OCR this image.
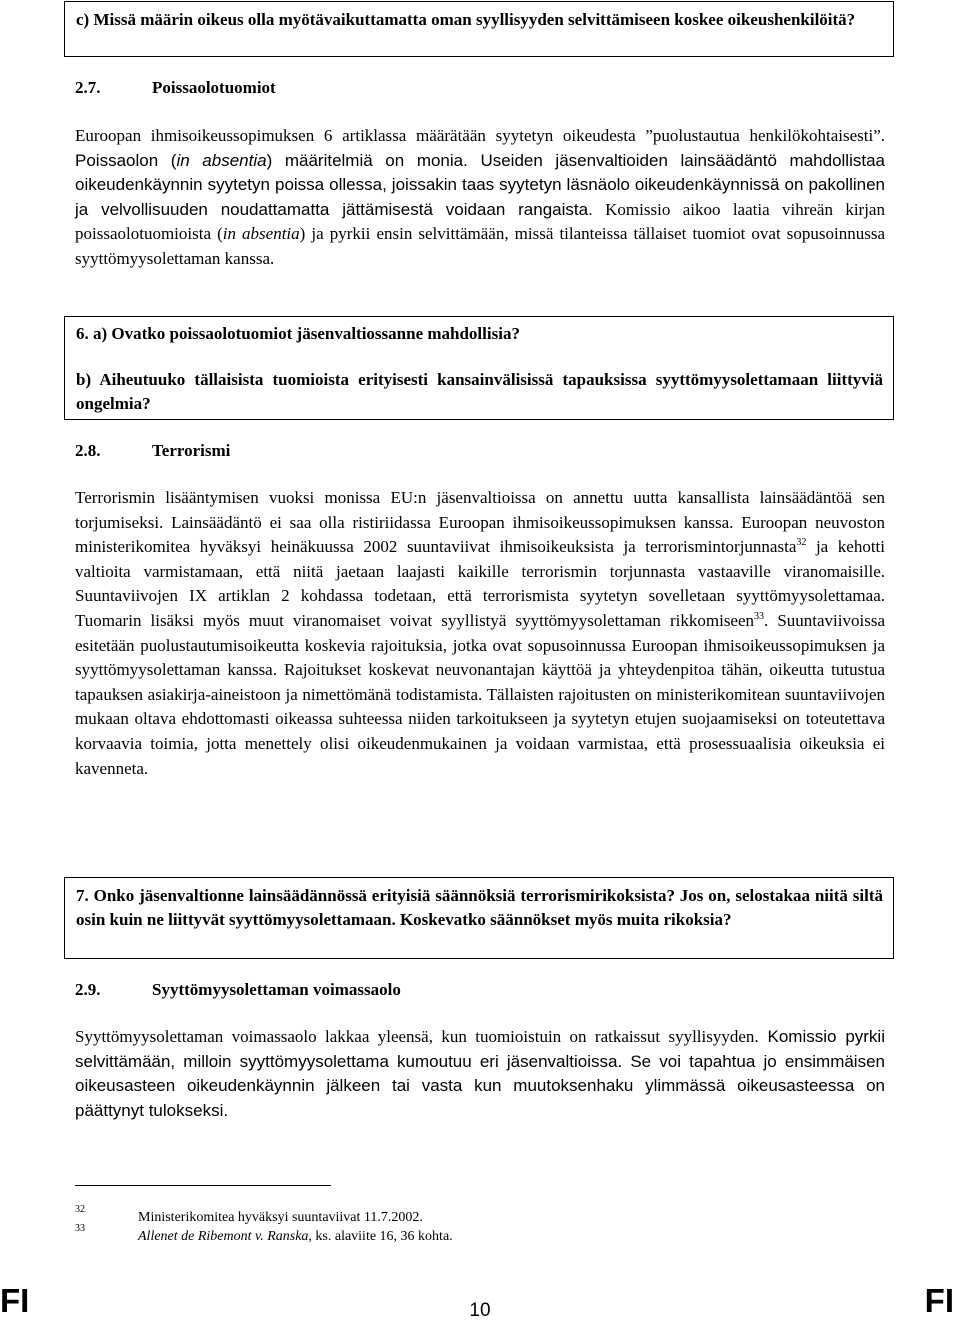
c) Missä määrin oikeus olla myötävaikuttamatta oman syyllisyyden selvittämiseen koskee oikeushenkilöitä?
2.7.	Poissaolotuomiot
Euroopan ihmisoikeussopimuksen 6 artiklassa määrätään syytetyn oikeudesta ”puolustautua henkilökohtaisesti”. Poissaolon (in absentia) määritelmiä on monia. Useiden jäsenvaltioiden lainsäädäntö mahdollistaa oikeudenkäynnin syytetyn poissa ollessa, joissakin taas syytetyn läsnäolo oikeudenkäynnissä on pakollinen ja velvollisuuden noudattamatta jättämisestä voidaan rangaista. Komissio aikoo laatia vihreän kirjan poissaolotuomioista (in absentia) ja pyrkii ensin selvittämään, missä tilanteissa tällaiset tuomiot ovat sopusoinnussa syyttömyysolettaman kanssa.
6. a) Ovatko poissaolotuomiot jäsenvaltiossanne mahdollisia?
b) Aiheutuuko tällaisista tuomioista erityisesti kansainvälisissä tapauksissa syyttömyysolettamaan liittyviä ongelmia?
2.8.	Terrorismi
Terrorismin lisääntymisen vuoksi monissa EU:n jäsenvaltioissa on annettu uutta kansallista lainsäädäntöä sen torjumiseksi. Lainsäädäntö ei saa olla ristiriidassa Euroopan ihmisoikeussopimuksen kanssa. Euroopan neuvoston ministerikomitea hyväksyi heinäkuussa 2002 suuntaviivat ihmisoikeuksista ja terrorismintorjunnasta$^{32}$ ja kehotti valtioita varmistamaan, että niitä jaetaan laajasti kaikille terrorismin torjunnasta vastaaville viranomaisille. Suuntaviivojen IX artiklan 2 kohdassa todetaan, että terrorismista syytetyn sovelletaan syyttömyysolettamaa. Tuomarin lisäksi myös muut viranomaiset voivat syyllistyä syyttömyysolettaman rikkomiseen$^{33}$. Suuntaviivoissa esitetään puolustautumisoikeutta koskevia rajoituksia, jotka ovat sopusoinnussa Euroopan ihmisoikeussopimuksen ja syyttömyysolettaman kanssa. Rajoitukset koskevat neuvonantajan käyttöä ja yhteydenpitoa tähän, oikeutta tutustua tapauksen asiakirja-aineistoon ja nimettömänä todistamista. Tällaisten rajoitusten on ministerikomitean suuntaviivojen mukaan oltava ehdottomasti oikeassa suhteessa niiden tarkoitukseen ja syytetyn etujen suojaamiseksi on toteutettava korvaavia toimia, jotta menettely olisi oikeudenmukainen ja voidaan varmistaa, että prosessuaalisia oikeuksia ei kavenneta.
7. Onko jäsenvaltionne lainsäädännössä erityisiä säännöksiä terrorismirikoksista? Jos on, selostakaa niitä siltä osin kuin ne liittyvät syyttömyysolettamaan. Koskevatko säännökset myös muita rikoksia?
2.9.	Syyttömyysolettaman voimassaolo
Syyttömyysolettaman voimassaolo lakkaa yleensä, kun tuomioistuin on ratkaissut syyllisyyden. Komissio pyrkii selvittämään, milloin syyttömyysolettama kumoutuu eri jäsenvaltioissa. Se voi tapahtua jo ensimmäisen oikeusasteen oikeudenkäynnin jälkeen tai vasta kun muutoksenhaku ylimmässä oikeusasteessa on päättynyt tulokseksi.
32
Ministerikomitea hyväksyi suuntaviivat 11.7.2002.
33
Allenet de Ribemont v. Ranska, ks. alaviite 16, 36 kohta.
FI	10	FI
